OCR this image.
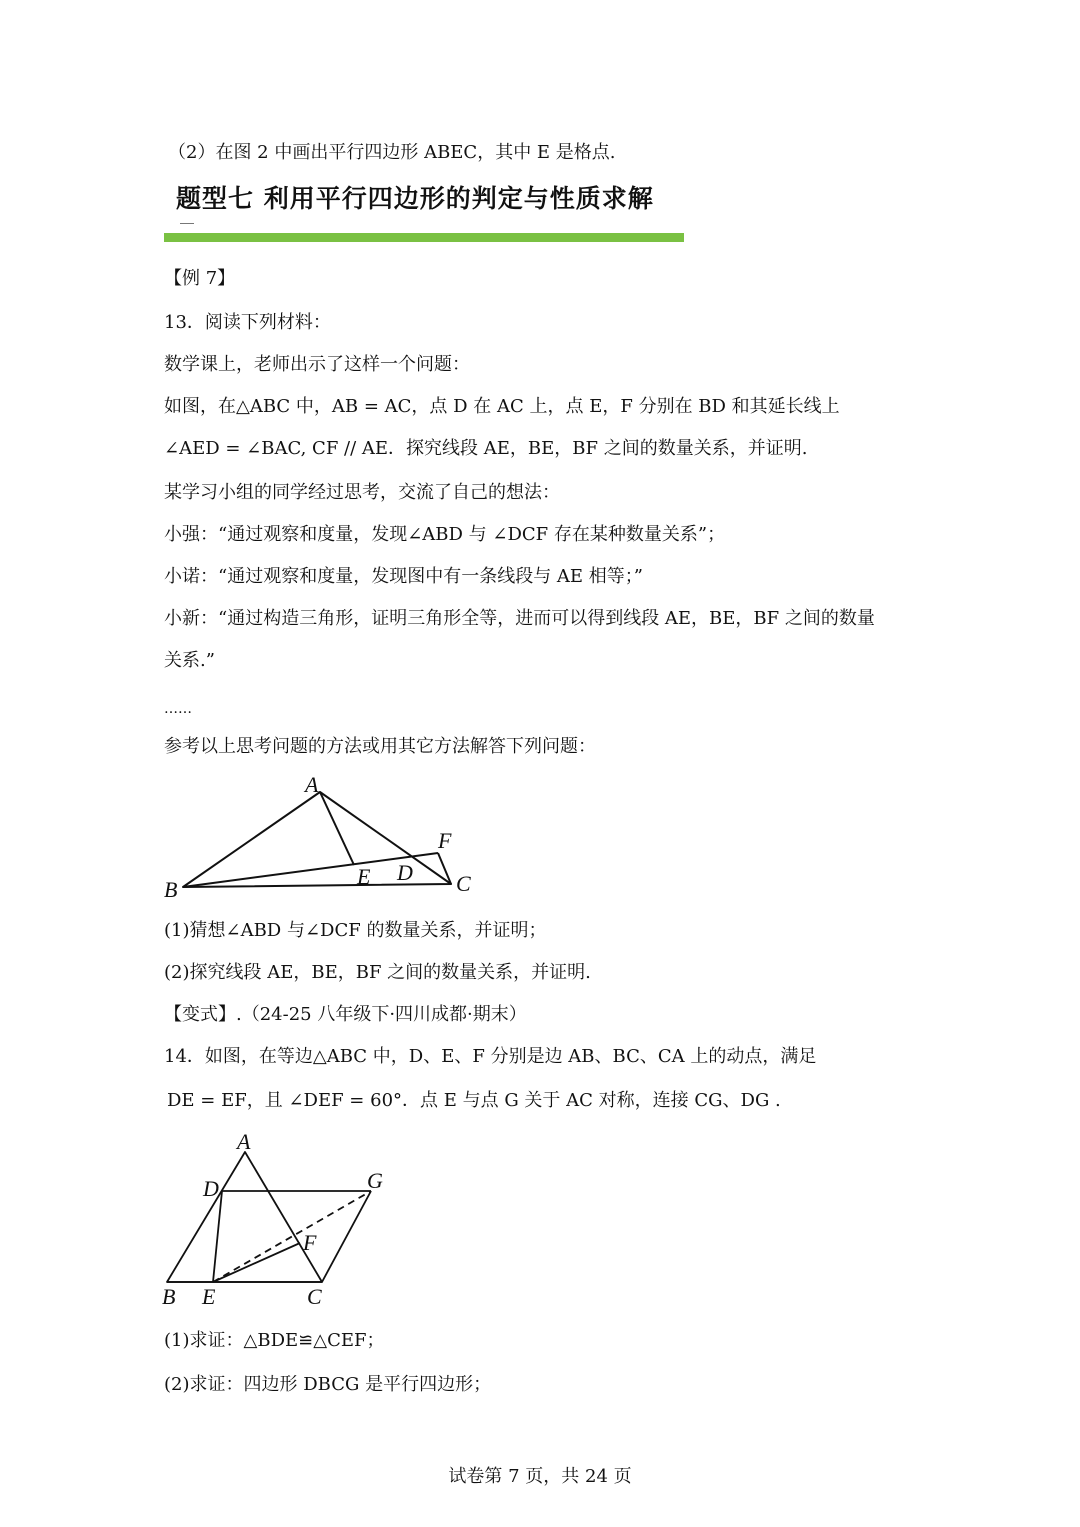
（2）在图 2 中画出平行四边形 ABEC，其中 E 是格点.

题型七 利用平行四边形的判定与性质求解

【例 7】

13．阅读下列材料：

数学课上，老师出示了这样一个问题：

如图，在△ABC 中，AB = AC，点 D 在 AC 上，点 E，F 分别在 BD 和其延长线上

∠AED = ∠BAC, CF // AE．探究线段 AE，BE，BF 之间的数量关系，并证明.

某学习小组的同学经过思考，交流了自己的想法：

小强：“通过观察和度量，发现∠ABD 与 ∠DCF 存在某种数量关系”；

小诺：“通过观察和度量，发现图中有一条线段与 AE 相等；”

小新：“通过构造三角形，证明三角形全等，进而可以得到线段 AE，BE，BF 之间的数量

关系.”

……

参考以上思考问题的方法或用其它方法解答下列问题：

A
B	C
D
E
F

(1)猜想∠ABD 与∠DCF 的数量关系，并证明；

(2)探究线段 AE，BE，BF 之间的数量关系，并证明.

【变式】.（24-25 八年级下·四川成都·期末）

14．如图，在等边△ABC 中，D、E、F 分别是边 AB、BC、CA 上的动点，满足

DE = EF，且 ∠DEF = 60°．点 E 与点 G 关于 AC 对称，连接 CG、DG .

A
B	C
D
E
F
G

(1)求证：△BDE≌△CEF；

(2)求证：四边形 DBCG 是平行四边形；

试卷第 7 页，共 24 页
